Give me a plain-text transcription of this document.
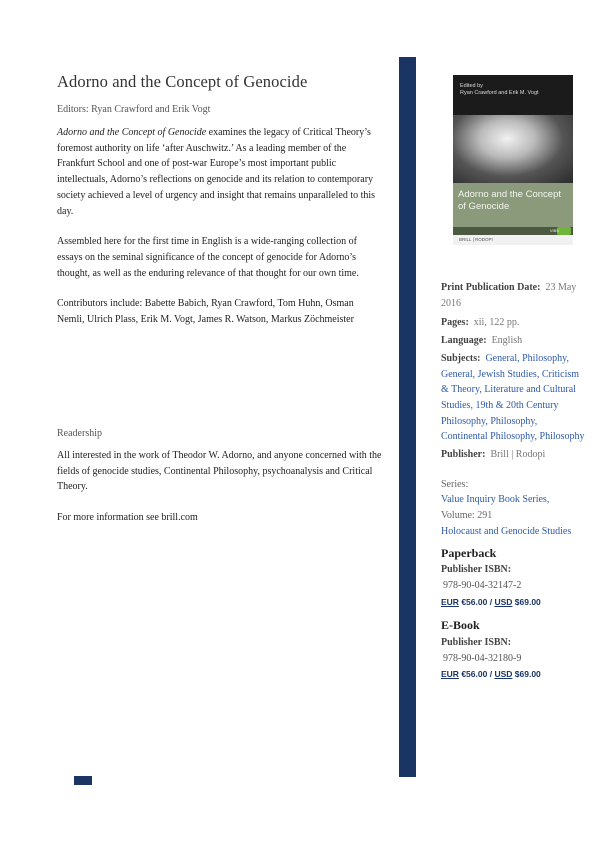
Adorno and the Concept of Genocide
Editors: Ryan Crawford and Erik Vogt

Adorno and the Concept of Genocide examines the legacy of Critical Theory’s foremost authority on life ‘after Auschwitz.’ As a leading member of the Frankfurt School and one of post-war Europe’s most important public intellectuals, Adorno’s reflections on genocide and its relation to contemporary society achieved a level of urgency and insight that remains unparalleled to this day.

Assembled here for the first time in English is a wide-ranging collection of essays on the seminal significance of the concept of genocide for Adorno’s thought, as well as the enduring relevance of that thought for our own time.

Contributors include: Babette Babich, Ryan Crawford, Tom Huhn, Osman Nemli, Ulrich Plass, Erik M. Vogt, James R. Watson, Markus Zöchmeister

Readership

All interested in the work of Theodor W. Adorno, and anyone concerned with the fields of genocide studies, Continental Philosophy, psychoanalysis and Critical Theory.

For more information see brill.com
Edited by
Ryan Crawford and Erik M. Vogt
Adorno and the Concept of Genocide
VIBS
BRILL | RODOPI
Print Publication Date: 23 May 2016
Pages: xii, 122 pp.
Language: English
Subjects: General, Philosophy, General, Jewish Studies, Criticism & Theory, Literature and Cultural Studies, 19th & 20th Century Philosophy, Philosophy, Continental Philosophy, Philosophy
Publisher: Brill | Rodopi
Series:
Value Inquiry Book Series,
Volume: 291
Holocaust and Genocide Studies
Paperback
Publisher ISBN:
978-90-04-32147-2
EUR €56.00 / USD $69.00
E-Book
Publisher ISBN:
978-90-04-32180-9
EUR €56.00 / USD $69.00
